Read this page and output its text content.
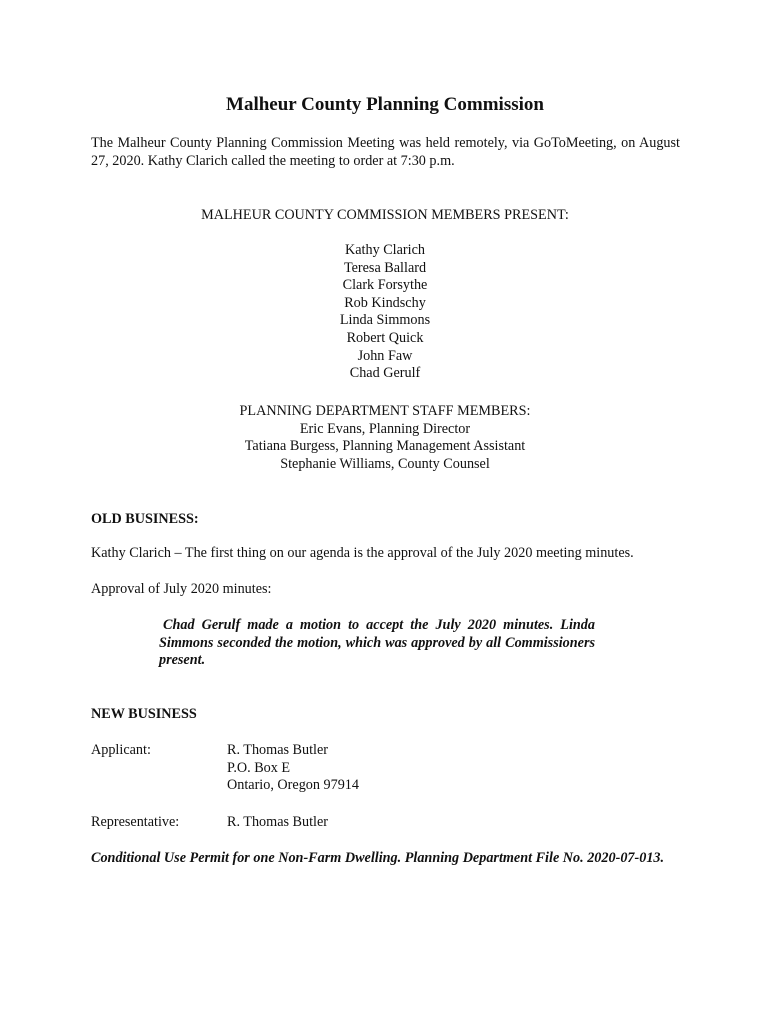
Malheur County Planning Commission

The Malheur County Planning Commission Meeting was held remotely, via GoToMeeting, on August 27, 2020. Kathy Clarich called the meeting to order at 7:30 p.m.

MALHEUR COUNTY COMMISSION MEMBERS PRESENT:
Kathy Clarich
Teresa Ballard
Clark Forsythe
Rob Kindschy
Linda Simmons
Robert Quick
John Faw
Chad Gerulf
PLANNING DEPARTMENT STAFF MEMBERS:
Eric Evans, Planning Director
Tatiana Burgess, Planning Management Assistant
Stephanie Williams, County Counsel
OLD BUSINESS:
Kathy Clarich – The first thing on our agenda is the approval of the July 2020 meeting minutes.
Approval of July 2020 minutes:
Chad Gerulf made a motion to accept the July 2020 minutes. Linda Simmons seconded the motion, which was approved by all Commissioners present.
NEW BUSINESS
Applicant:	R. Thomas Butler
P.O. Box E
Ontario, Oregon 97914
Representative:	R. Thomas Butler
Conditional Use Permit for one Non-Farm Dwelling. Planning Department File No. 2020-07-013.
